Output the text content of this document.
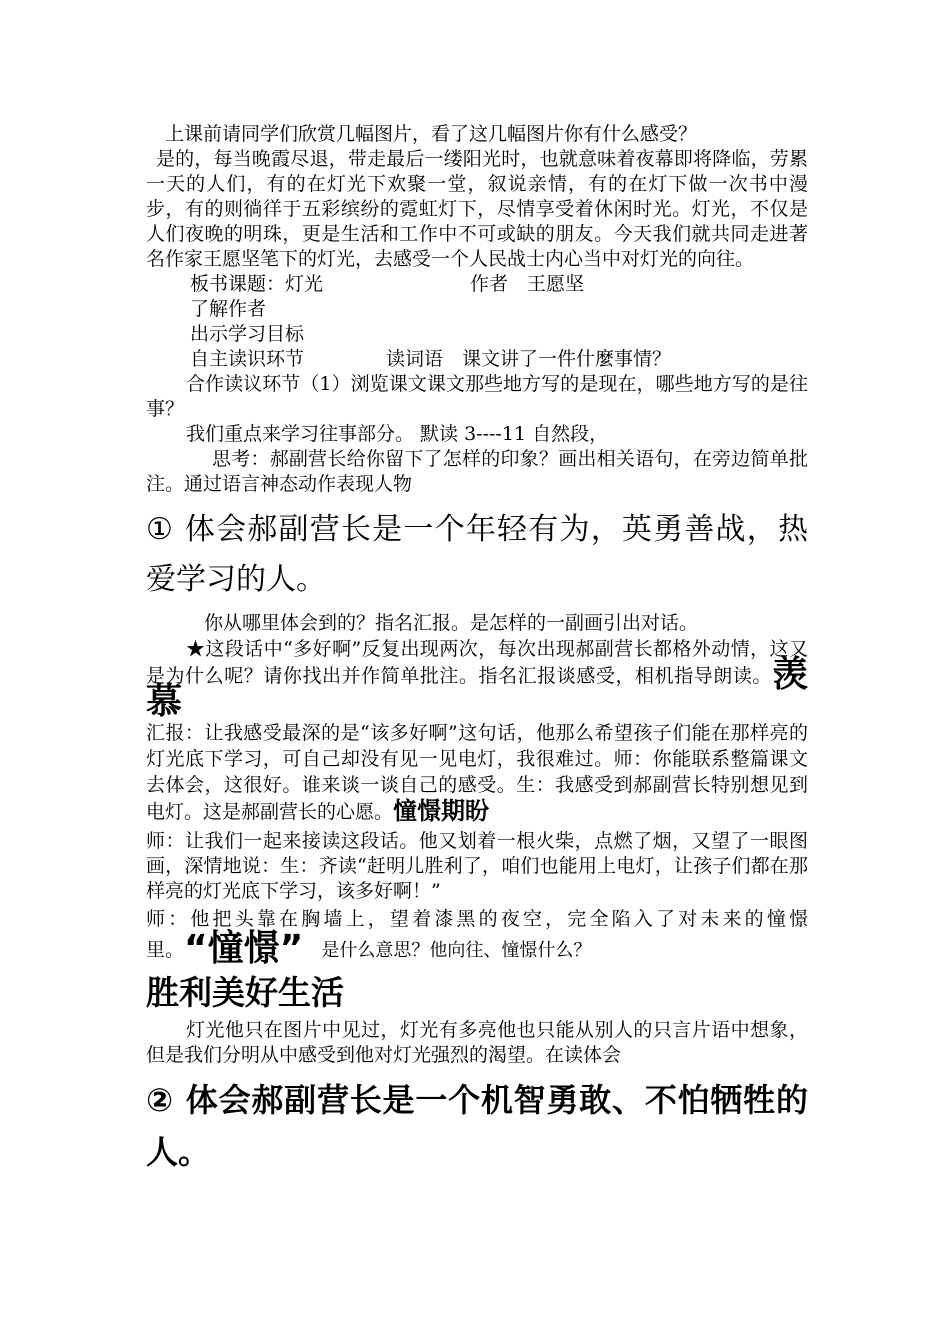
上课前请同学们欣赏几幅图片，看了这几幅图片你有什么感受？

是的，每当晚霞尽退，带走最后一缕阳光时，也就意味着夜幕即将降临，劳累一天的人们，有的在灯光下欢聚一堂，叙说亲情，有的在灯下做一次书中漫步，有的则徜徉于五彩缤纷的霓虹灯下，尽情享受着休闲时光。灯光，不仅是人们夜晚的明珠，更是生活和工作中不可或缺的朋友。今天我们就共同走进著名作家王愿坚笔下的灯光，去感受一个人民战士内心当中对灯光的向往。

板书课题：灯光	作者　王愿坚

了解作者

出示学习目标

自主读识环节	读词语　课文讲了一件什麼事情？

合作读议环节（1）浏览课文课文那些地方写的是现在，哪些地方写的是往事？

我们重点来学习往事部分。 默读 3----11 自然段，

思考：郝副营长给你留下了怎样的印象？画出相关语句，在旁边简单批注。通过语言神态动作表现人物

① 体会郝副营长是一个年轻有为，英勇善战，热爱学习的人。

你从哪里体会到的？指名汇报。是怎样的一副画引出对话。

★这段话中“多好啊”反复出现两次，每次出现郝副营长都格外动情，这又是为什么呢？请你找出并作简单批注。指名汇报谈感受，相机指导朗读。羡慕

汇报：让我感受最深的是“该多好啊”这句话，他那么希望孩子们能在那样亮的灯光底下学习，可自己却没有见一见电灯，我很难过。师：你能联系整篇课文去体会，这很好。谁来谈一谈自己的感受。生：我感受到郝副营长特别想见到电灯。这是郝副营长的心愿。憧憬期盼

师：让我们一起来接读这段话。他又划着一根火柴，点燃了烟，又望了一眼图画，深情地说：生：齐读“赶明儿胜利了，咱们也能用上电灯，让孩子们都在那样亮的灯光底下学习，该多好啊！”

师：他把头靠在胸墙上，望着漆黑的夜空，完全陷入了对未来的憧憬里。“憧憬” 是什么意思？他向往、憧憬什么？

胜利美好生活

灯光他只在图片中见过，灯光有多亮他也只能从别人的只言片语中想象，但是我们分明从中感受到他对灯光强烈的渴望。在读体会

② 体会郝副营长是一个机智勇敢、不怕牺牲的人。
